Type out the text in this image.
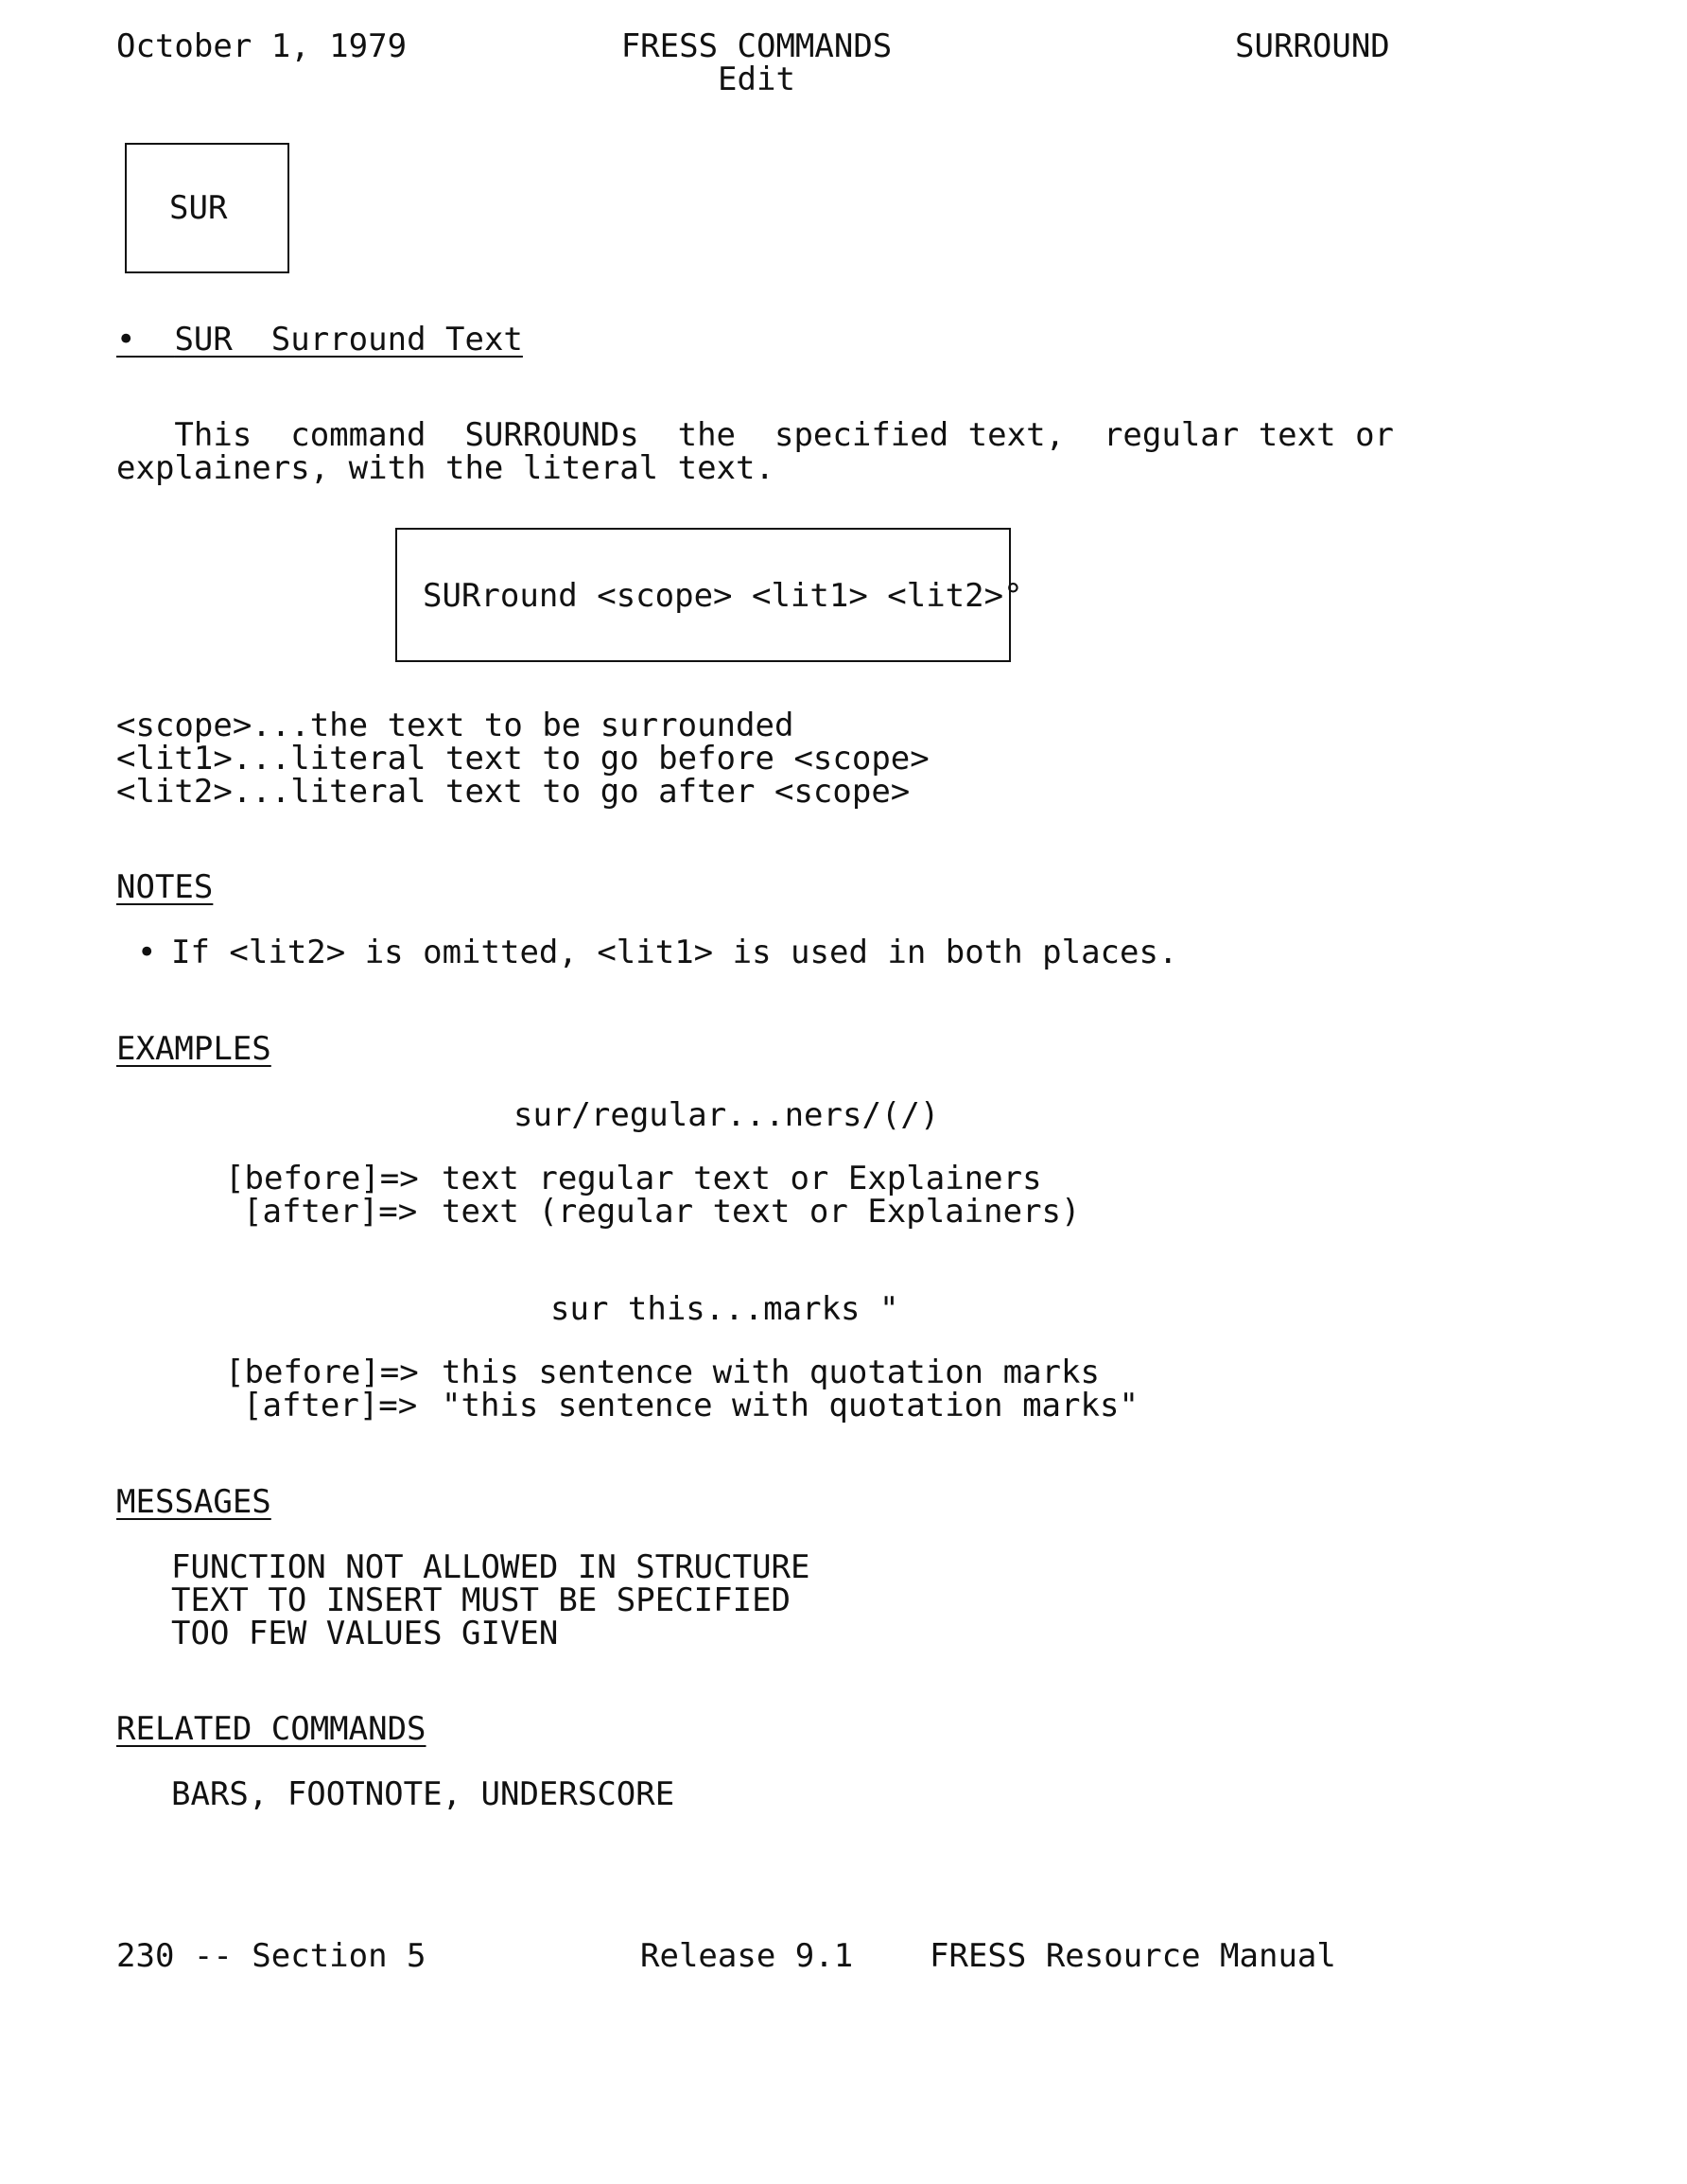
October 1, 1979	FRESS COMMANDS
Edit
SURROUND
SUR
• SUR  Surround Text
This  command  SURROUNDs  the  specified text,  regular text or
explainers, with the literal text.
SURround <scope> <lit1> <lit2>°
<scope>...the text to be surrounded
<lit1>...literal text to go before <scope>
<lit2>...literal text to go after <scope>
NOTES
• If <lit2> is omitted, <lit1> is used in both places.
EXAMPLES
sur/regular...ners/(/)
[before]=> text regular text or Explainers
[after]=> text (regular text or Explainers)
sur this...marks "
[before]=> this sentence with quotation marks
[after]=> "this sentence with quotation marks"
MESSAGES
FUNCTION NOT ALLOWED IN STRUCTURE
TEXT TO INSERT MUST BE SPECIFIED
TOO FEW VALUES GIVEN
RELATED COMMANDS
BARS, FOOTNOTE, UNDERSCORE
230 -- Section 5	Release 9.1 FRESS Resource Manual
